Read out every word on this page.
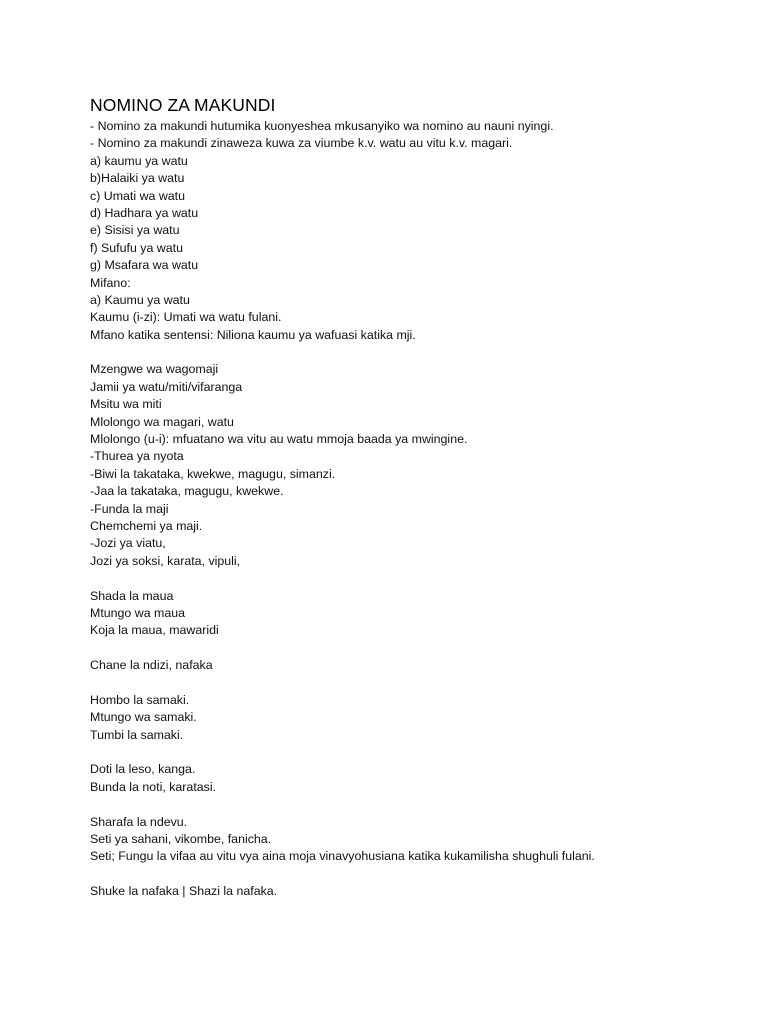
NOMINO ZA MAKUNDI
- Nomino za makundi hutumika kuonyeshea mkusanyiko wa nomino au nauni nyingi.
- Nomino za makundi zinaweza kuwa za viumbe k.v. watu au vitu k.v. magari.
a) kaumu ya watu
b)Halaiki ya watu
c) Umati wa watu
d) Hadhara ya watu
e) Sisisi ya watu
f) Sufufu ya watu
g) Msafara wa watu
Mifano:
a) Kaumu ya watu
Kaumu (i-zi): Umati wa watu fulani.
Mfano katika sentensi: Niliona kaumu ya wafuasi katika mji.
Mzengwe wa wagomaji
Jamii ya watu/miti/vifaranga
Msitu wa miti
Mlolongo wa magari, watu
Mlolongo (u-i): mfuatano wa vitu au watu mmoja baada ya mwingine.
-Thurea ya nyota
-Biwi la takataka, kwekwe, magugu, simanzi.
-Jaa la takataka, magugu, kwekwe.
-Funda la maji
Chemchemi ya maji.
-Jozi ya viatu,
Jozi ya soksi, karata, vipuli,
Shada la maua
Mtungo wa maua
Koja la maua, mawaridi
Chane la ndizi, nafaka
Hombo la samaki.
Mtungo wa samaki.
Tumbi la samaki.
Doti la leso, kanga.
Bunda la noti, karatasi.
Sharafa la ndevu.
Seti ya sahani, vikombe, fanicha.
Seti; Fungu la vifaa au vitu vya aina moja vinavyohusiana katika kukamilisha shughuli fulani.
Shuke la nafaka | Shazi la nafaka.
